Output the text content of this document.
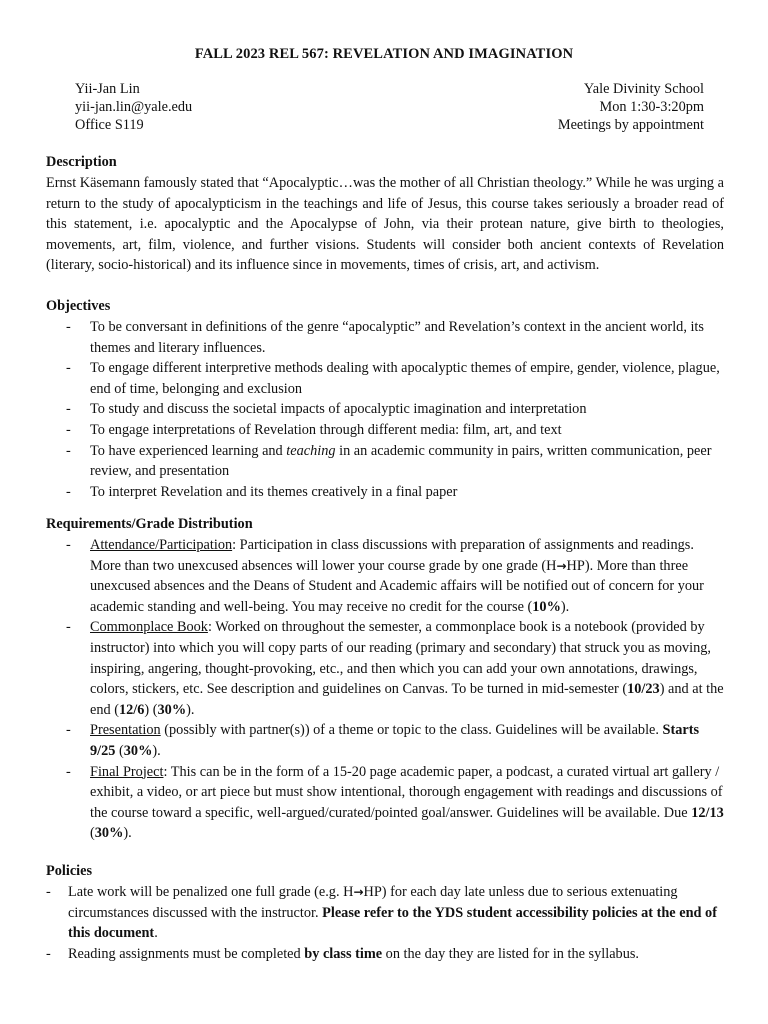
FALL 2023 REL 567: REVELATION AND IMAGINATION
Yii-Jan Lin
yii-jan.lin@yale.edu
Office S119
Yale Divinity School
Mon 1:30-3:20pm
Meetings by appointment
Description
Ernst Käsemann famously stated that “Apocalyptic…was the mother of all Christian theology.” While he was urging a return to the study of apocalypticism in the teachings and life of Jesus, this course takes seriously a broader read of this statement, i.e. apocalyptic and the Apocalypse of John, via their protean nature, give birth to theologies, movements, art, film, violence, and further visions. Students will consider both ancient contexts of Revelation (literary, socio-historical) and its influence since in movements, times of crisis, art, and activism.
Objectives
- To be conversant in definitions of the genre “apocalyptic” and Revelation’s context in the ancient world, its themes and literary influences.
- To engage different interpretive methods dealing with apocalyptic themes of empire, gender, violence, plague, end of time, belonging and exclusion
- To study and discuss the societal impacts of apocalyptic imagination and interpretation
- To engage interpretations of Revelation through different media: film, art, and text
- To have experienced learning and teaching in an academic community in pairs, written communication, peer review, and presentation
- To interpret Revelation and its themes creatively in a final paper
Requirements/Grade Distribution
- Attendance/Participation: Participation in class discussions with preparation of assignments and readings. More than two unexcused absences will lower your course grade by one grade (H→HP). More than three unexcused absences and the Deans of Student and Academic affairs will be notified out of concern for your academic standing and well-being. You may receive no credit for the course (10%).
- Commonplace Book: Worked on throughout the semester, a commonplace book is a notebook (provided by instructor) into which you will copy parts of our reading (primary and secondary) that struck you as moving, inspiring, angering, thought-provoking, etc., and then which you can add your own annotations, drawings, colors, stickers, etc. See description and guidelines on Canvas. To be turned in mid-semester (10/23) and at the end (12/6) (30%).
- Presentation (possibly with partner(s)) of a theme or topic to the class. Guidelines will be available. Starts 9/25 (30%).
- Final Project: This can be in the form of a 15-20 page academic paper, a podcast, a curated virtual art gallery / exhibit, a video, or art piece but must show intentional, thorough engagement with readings and discussions of the course toward a specific, well-argued/curated/pointed goal/answer. Guidelines will be available. Due 12/13 (30%).
Policies
- Late work will be penalized one full grade (e.g. H→HP) for each day late unless due to serious extenuating circumstances discussed with the instructor. Please refer to the YDS student accessibility policies at the end of this document.
- Reading assignments must be completed by class time on the day they are listed for in the syllabus.
